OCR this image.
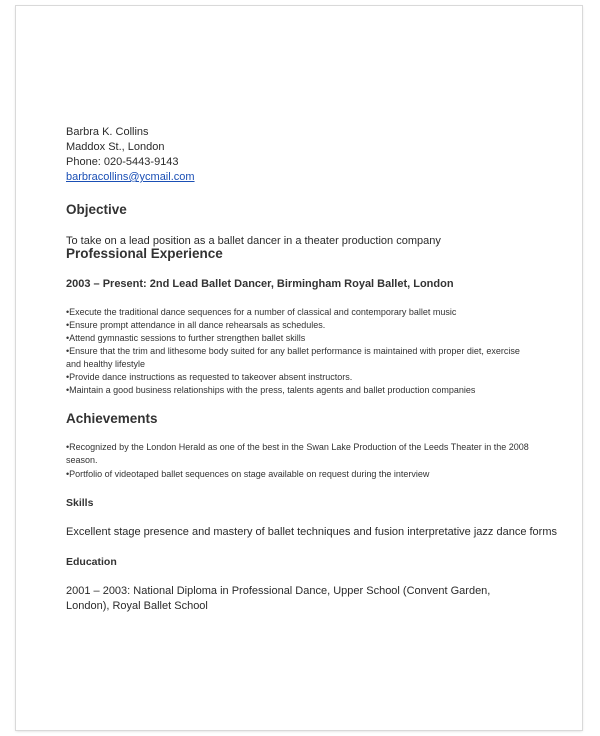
Barbra K. Collins
Maddox St., London
Phone: 020-5443-9143
barbracollins@ycmail.com
Objective
To take on a lead position as a ballet dancer in a theater production company
Professional Experience
2003 – Present: 2nd Lead Ballet Dancer, Birmingham Royal Ballet, London
•Execute the traditional dance sequences for a number of classical and contemporary ballet music
•Ensure prompt attendance in all dance rehearsals as schedules.
•Attend gymnastic sessions to further strengthen ballet skills
•Ensure that the trim and lithesome body suited for any ballet performance is maintained with proper diet, exercise and healthy lifestyle
•Provide dance instructions as requested to takeover absent instructors.
•Maintain a good business relationships with the press, talents agents and ballet production companies
Achievements
•Recognized by the London Herald as one of the best in the Swan Lake Production of the Leeds Theater in the 2008 season.
•Portfolio of videotaped ballet sequences on stage available on request during the interview
Skills
Excellent stage presence and mastery of ballet techniques and fusion interpretative jazz dance forms
Education
2001 – 2003: National Diploma in Professional Dance, Upper School (Convent Garden, London), Royal Ballet School
